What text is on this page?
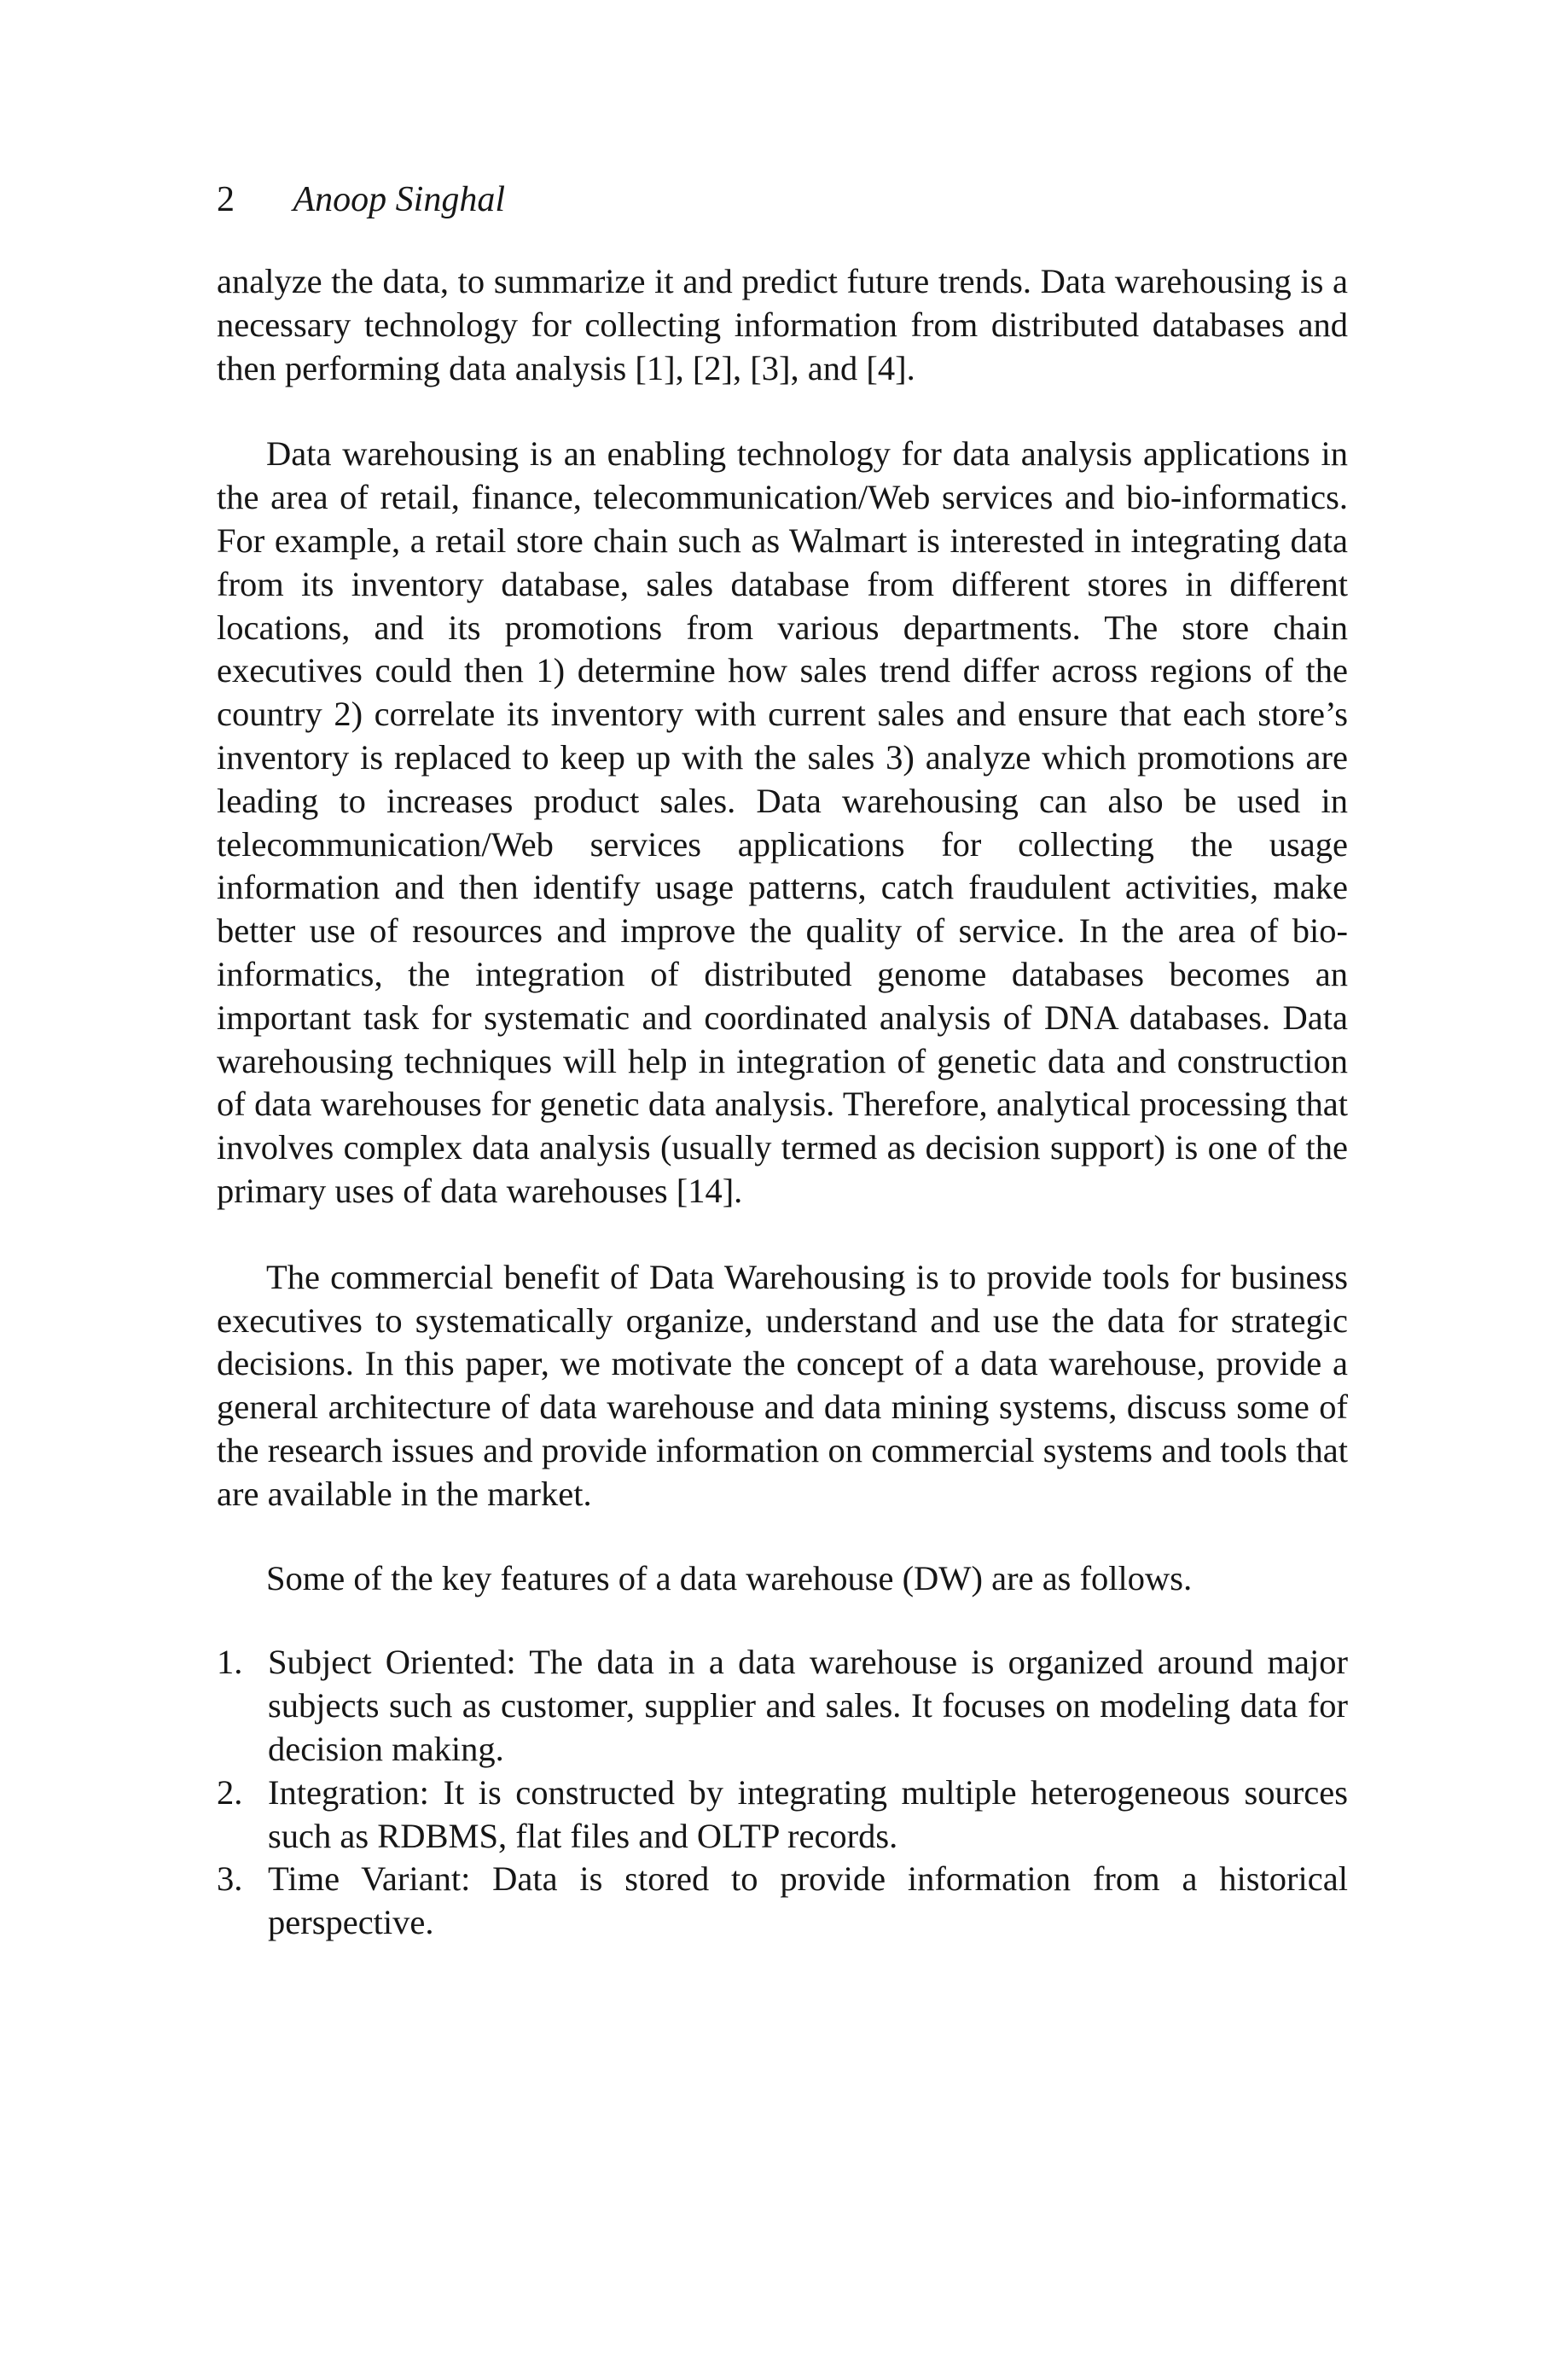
2 Anoop Singhal

analyze the data, to summarize it and predict future trends. Data warehousing is a necessary technology for collecting information from distributed databases and then performing data analysis [1], [2], [3], and [4].

Data warehousing is an enabling technology for data analysis applications in the area of retail, finance, telecommunication/Web services and bio-informatics. For example, a retail store chain such as Walmart is interested in integrating data from its inventory database, sales database from different stores in different locations, and its promotions from various departments. The store chain executives could then 1) determine how sales trend differ across regions of the country 2) correlate its inventory with current sales and ensure that each store’s inventory is replaced to keep up with the sales 3) analyze which promotions are leading to increases product sales. Data warehousing can also be used in telecommunication/Web services applications for collecting the usage information and then identify usage patterns, catch fraudulent activities, make better use of resources and improve the quality of service. In the area of bio-informatics, the integration of distributed genome databases becomes an important task for systematic and coordinated analysis of DNA databases. Data warehousing techniques will help in integration of genetic data and construction of data warehouses for genetic data analysis. Therefore, analytical processing that involves complex data analysis (usually termed as decision support) is one of the primary uses of data warehouses [14].

The commercial benefit of Data Warehousing is to provide tools for business executives to systematically organize, understand and use the data for strategic decisions. In this paper, we motivate the concept of a data warehouse, provide a general architecture of data warehouse and data mining systems, discuss some of the research issues and provide information on commercial systems and tools that are available in the market.

Some of the key features of a data warehouse (DW) are as follows.

1. Subject Oriented: The data in a data warehouse is organized around major subjects such as customer, supplier and sales. It focuses on modeling data for decision making.
2. Integration: It is constructed by integrating multiple heterogeneous sources such as RDBMS, flat files and OLTP records.
3. Time Variant: Data is stored to provide information from a historical perspective.
